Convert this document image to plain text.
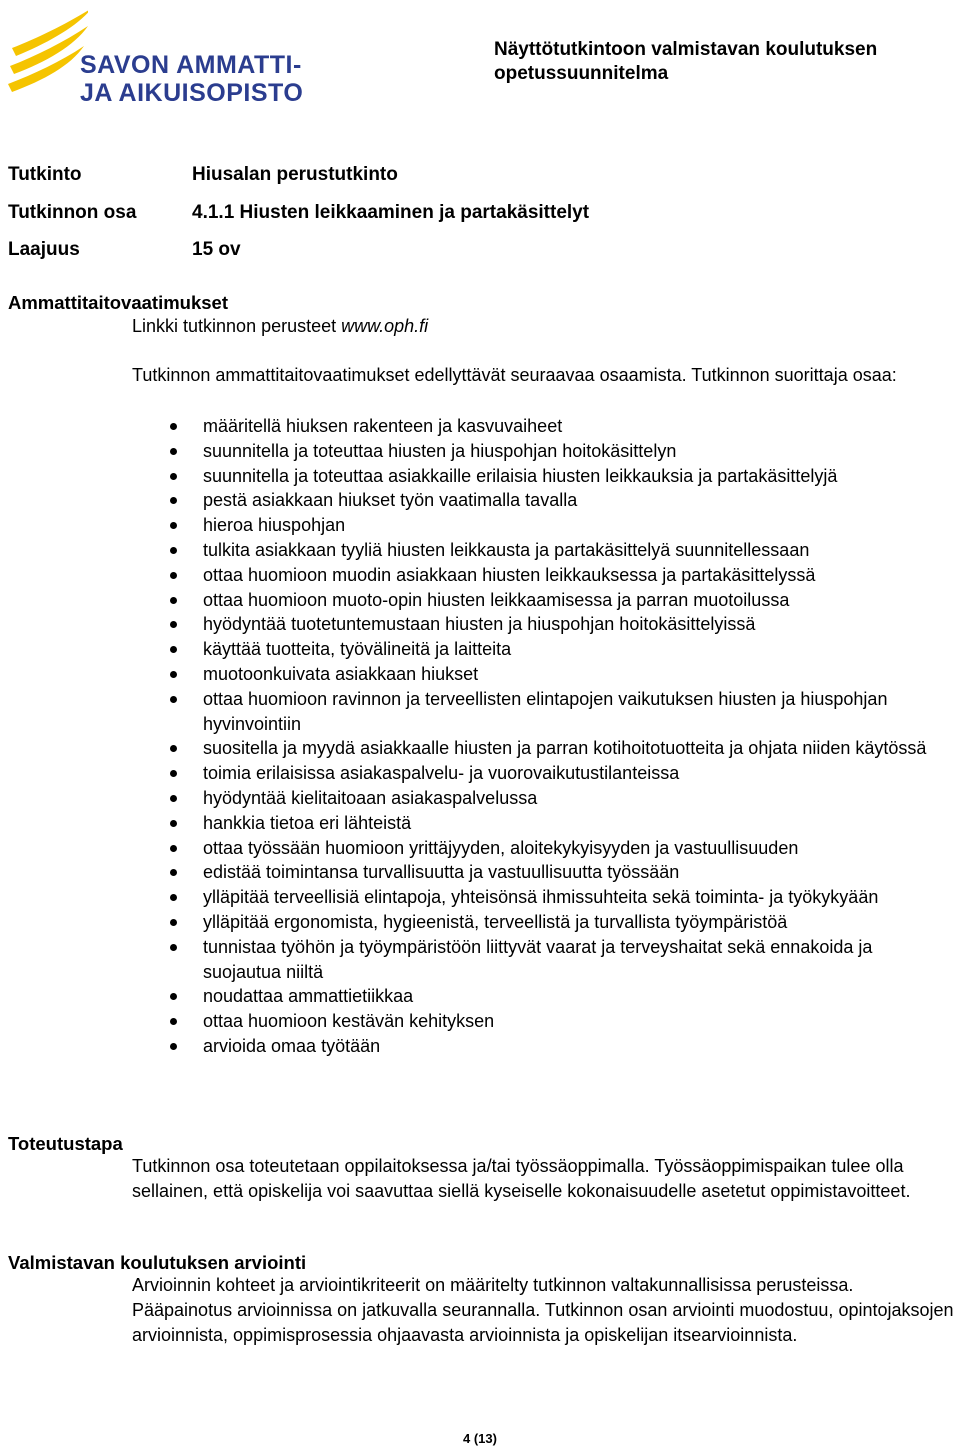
SAVON AMMATTI-
JA AIKUISOPISTO
Näyttötutkintoon valmistavan koulutuksen opetussuunnitelma
Tutkinto	Hiusalan perustutkinto
Tutkinnon osa	4.1.1 Hiusten leikkaaminen ja partakäsittelyt
Laajuus	15 ov
Ammattitaitovaatimukset
Linkki tutkinnon perusteet www.oph.fi

Tutkinnon ammattitaitovaatimukset edellyttävät seuraavaa osaamista. Tutkinnon suorittaja osaa:

määritellä hiuksen rakenteen ja kasvuvaiheet
suunnitella ja toteuttaa hiusten ja hiuspohjan hoitokäsittelyn
suunnitella ja toteuttaa asiakkaille erilaisia hiusten leikkauksia ja partakäsittelyjä
pestä asiakkaan hiukset työn vaatimalla tavalla
hieroa hiuspohjan
tulkita asiakkaan tyyliä hiusten leikkausta ja partakäsittelyä suunnitellessaan
ottaa huomioon muodin asiakkaan hiusten leikkauksessa ja partakäsittelyssä
ottaa huomioon muoto-opin hiusten leikkaamisessa ja parran muotoilussa
hyödyntää tuotetuntemustaan hiusten ja hiuspohjan hoitokäsittelyissä
käyttää tuotteita, työvälineitä ja laitteita
muotoonkuivata asiakkaan hiukset
ottaa huomioon ravinnon ja terveellisten elintapojen vaikutuksen hiusten ja hiuspohjan hyvinvointiin
suositella ja myydä asiakkaalle hiusten ja parran kotihoitotuotteita ja ohjata niiden käytössä
toimia erilaisissa asiakaspalvelu- ja vuorovaikutustilanteissa
hyödyntää kielitaitoaan asiakaspalvelussa
hankkia tietoa eri lähteistä
ottaa työssään huomioon yrittäjyyden, aloitekykyisyyden ja vastuullisuuden
edistää toimintansa turvallisuutta ja vastuullisuutta työssään
ylläpitää terveellisiä elintapoja, yhteisönsä ihmissuhteita sekä toiminta- ja työkykyään
ylläpitää ergonomista, hygieenistä, terveellistä ja turvallista työympäristöä
tunnistaa työhön ja työympäristöön liittyvät vaarat ja terveyshaitat sekä ennakoida ja suojautua niiltä
noudattaa ammattietiikkaa
ottaa huomioon kestävän kehityksen
arvioida omaa työtään
Toteutustapa

Tutkinnon osa toteutetaan oppilaitoksessa ja/tai työssäoppimalla. Työssäoppimispaikan tulee olla sellainen, että opiskelija voi saavuttaa siellä kyseiselle kokonaisuudelle asetetut oppimistavoitteet.

Valmistavan koulutuksen arviointi

Arvioinnin kohteet ja arviointikriteerit on määritelty tutkinnon valtakunnallisissa perusteissa. Pääpainotus arvioinnissa on jatkuvalla seurannalla. Tutkinnon osan arviointi muodostuu, opintojaksojen arvioinnista, oppimisprosessia ohjaavasta arvioinnista ja opiskelijan itsearvioinnista.

4 (13)
